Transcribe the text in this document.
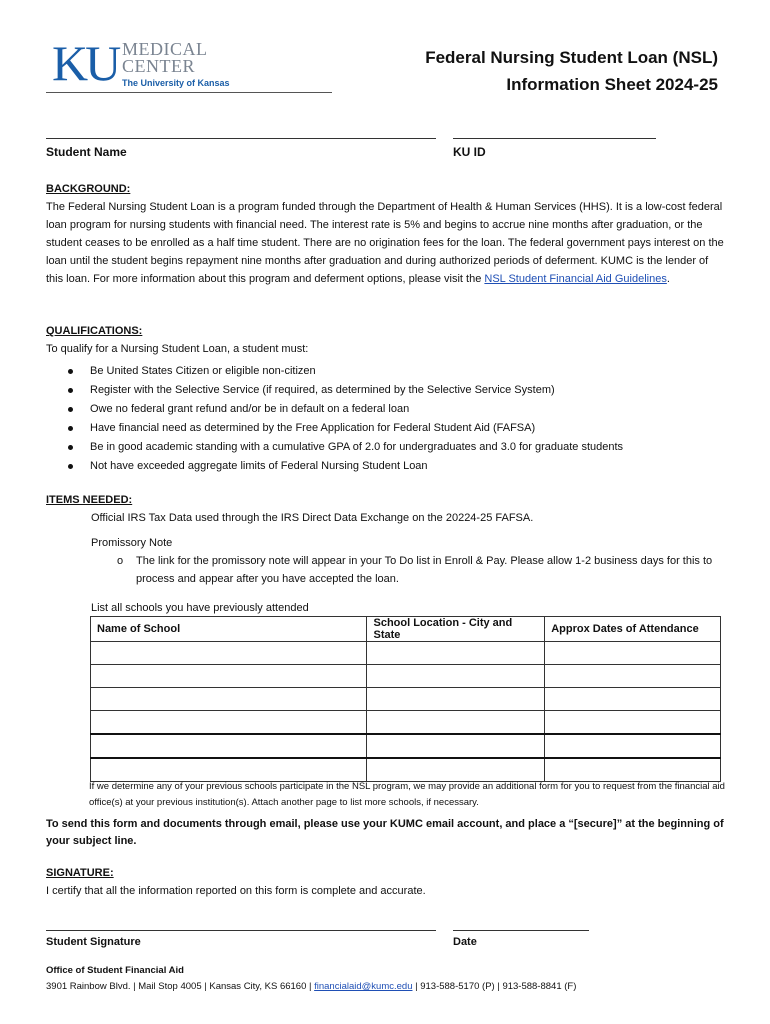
KU MEDICAL
CENTER
The University of Kansas
Federal Nursing Student Loan (NSL)
Information Sheet 2024-25
Student Name	KU ID
BACKGROUND:

The Federal Nursing Student Loan is a program funded through the Department of Health & Human Services (HHS). It is a low-cost federal loan program for nursing students with financial need. The interest rate is 5% and begins to accrue nine months after graduation, or the student ceases to be enrolled as a half time student. There are no origination fees for the loan. The federal government pays interest on the loan until the student begins repayment nine months after graduation and during authorized periods of deferment. KUMC is the lender of this loan. For more information about this program and deferment options, please visit the NSL Student Financial Aid Guidelines.

QUALIFICATIONS:
To qualify for a Nursing Student Loan, a student must:
Be United States Citizen or eligible non-citizen
Register with the Selective Service (if required, as determined by the Selective Service System)
Owe no federal grant refund and/or be in default on a federal loan
Have financial need as determined by the Free Application for Federal Student Aid (FAFSA)
Be in good academic standing with a cumulative GPA of 2.0 for undergraduates and 3.0 for graduate students
Not have exceeded aggregate limits of Federal Nursing Student Loan
ITEMS NEEDED:
Official IRS Tax Data used through the IRS Direct Data Exchange on the 20224-25 FAFSA.
Promissory Note
o The link for the promissory note will appear in your To Do list in Enroll & Pay. Please allow 1-2 business days for this to process and appear after you have accepted the loan.
List all schools you have previously attended
Name of School	School Location - City and State	Approx Dates of Attendance

If we determine any of your previous schools participate in the NSL program, we may provide an additional form for you to request from the financial aid office(s) at your previous institution(s). Attach another page to list more schools, if necessary.
To send this form and documents through email, please use your KUMC email account, and place a “[secure]” at the beginning of your subject line.
SIGNATURE:
I certify that all the information reported on this form is complete and accurate.
Student Signature	Date
Office of Student Financial Aid
3901 Rainbow Blvd. | Mail Stop 4005 | Kansas City, KS 66160 | financialaid@kumc.edu | 913-588-5170 (P) | 913-588-8841 (F)
